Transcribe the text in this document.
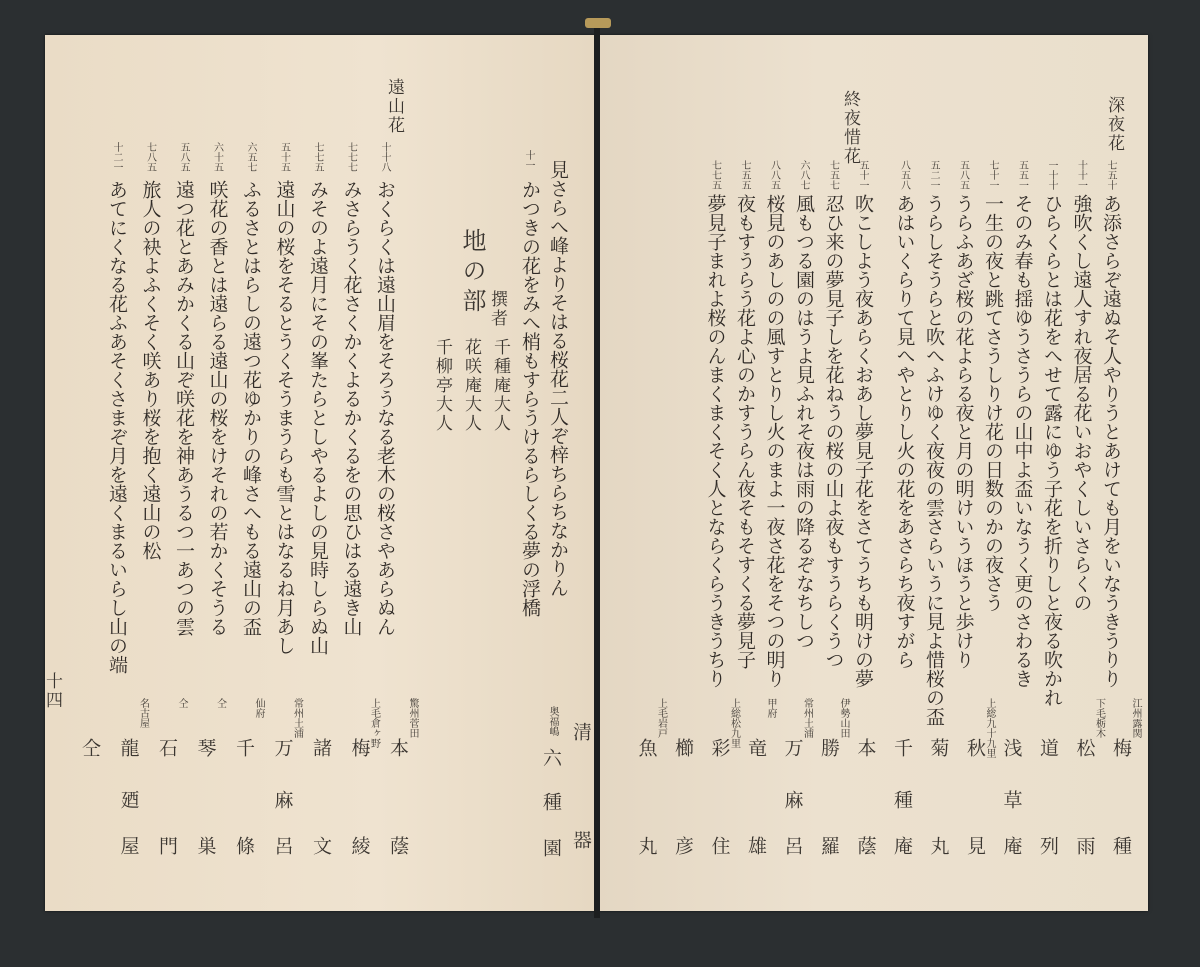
十四
見さらへ峰よりそはる桜花二人ぞ梓ちらちなかりん
十一
かつきの花をみへ梢もすらうけるらしくる夢の浮橋
地の部 撰者
千種庵大人
花咲庵大人
千柳亭大人
遠山花
十十八
おくらくは遠山眉をそろうなる老木の桜さやあらぬん
七七七
みさらうく花さくかくよるかくるをの思ひはる遠き山
七七五
みそのよ遠月にその峯たらとしやるよしの見時しらぬ山
五十五
遠山の桜をそるとうくそうまうらも雪とはなるね月あし
六五七
ふるさとはらしの遠つ花ゆかりの峰さへもる遠山の盃
六十五
咲花の香とは遠らる遠山の桜をけそれの若かくそうる
五八五
遠つ花とあみかくる山ぞ咲花を神あうるつ一あつの雲
七八五
旅人の袂よふくそく咲あり桜を抱く遠山の松
十二一
あてにくなる花ふあそくさまぞ月を遠くまるいらし山の端
驚州菅田
本
蔭
上毛倉ヶ野
梅
綾
諸
文
常州土浦
万
麻
呂
仙府
千
條
仝
琴
巣
仝
石
門
名古屋
龍
廼
屋
仝
奥福嶋
六
種
園
清
器
深夜花
終夜惜花
七五十
あ添さらぞ遠ぬそ人やりうとあけても月をいなうきうりり
十十一
強吹くし遠人すれ夜居る花いおやくしいさらくの
一十十
ひらくらとは花をへせて露にゆう子花を折りしと夜る吹かれ
五五一
そのみ春も揺ゆうさうらの山中よ盃いなうく更のさわるき
七十一
一生の夜と跳てさうしりけ花の日数のかの夜さう
五八五
うらふあざ桜の花よらる夜と月の明けいうほうと歩けり
五二一
うらしそうらと吹へふけゆく夜夜の雲さらいうに見よ惜桜の盃
八五八
あはいくらりて見へやとりし火の花をあさらち夜すがら
五十一
吹こしよう夜あらくおあし夢見子花をさてうちも明けの夢
七五七
忍ひ来の夢見子しを花ねうの桜の山よ夜もすうらくうつ
六八七
風もつる園のはうよ見ふれそ夜は雨の降るぞなちしつ
八八五
桜見のあしのの風すとりし火のまよ一夜さ花をそつの明り
七五五
夜もすうらう花よ心のかすうらん夜そもそすくる夢見子
七七五
夢見子まれよ桜のんまくまくそく人とならくらうきうちり
江州露関
梅
種
下毛栃木
松
雨
道
列
浅
草
庵
上総九十九里
秋
見
菊
丸
千
種
庵
本
蔭
伊勢山田
勝
羅
常州土浦
万
麻
呂
甲府
竜
雄
上総松九里
彩
住
櫛
彦
上毛岩戸
魚
丸
